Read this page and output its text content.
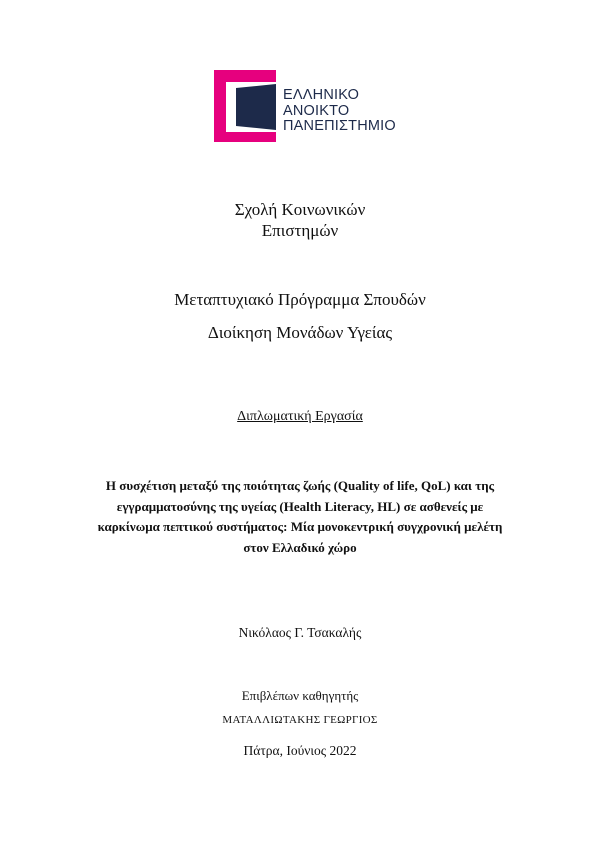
ΕΛΛΗΝΙΚΟ
ΑΝΟΙΚΤΟ
ΠΑΝΕΠΙΣΤΗΜΙΟ
Σχολή Κοινωνικών
Επιστημών
Μεταπτυχιακό Πρόγραμμα Σπουδών
Διοίκηση Μονάδων Υγείας
Διπλωματική Εργασία
Η συσχέτιση μεταξύ της ποιότητας ζωής (Quality of life, QoL) και της
εγγραμματοσύνης της υγείας (Health Literacy, HL) σε ασθενείς με
καρκίνωμα πεπτικού συστήματος: Μία μονοκεντρική συγχρονική μελέτη
στον Ελλαδικό χώρο
Νικόλαος Γ. Τσακαλής
Επιβλέπων καθηγητής
ΜΑΤΑΛΛΙΩΤΑΚΗΣ ΓΕΩΡΓΙΟΣ
Πάτρα, Ιούνιος 2022
